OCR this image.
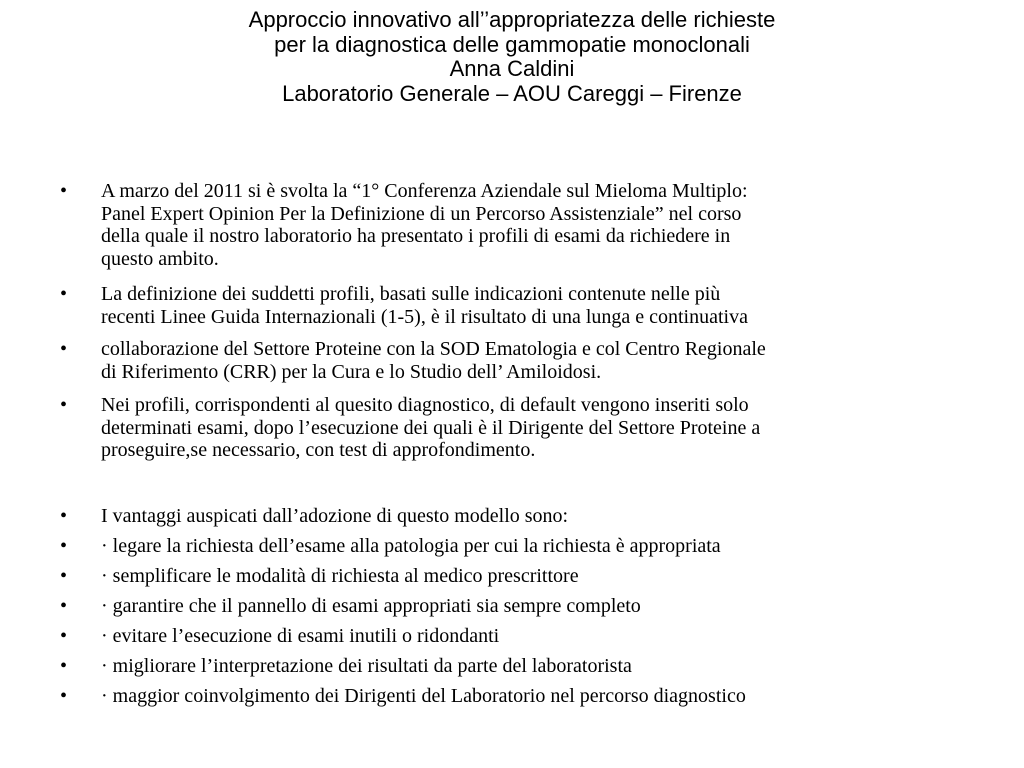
Approccio innovativo all’’appropriatezza delle richieste
per la diagnostica delle gammopatie monoclonali
Anna Caldini
Laboratorio Generale – AOU Careggi – Firenze
• A marzo del 2011 si è svolta la “1° Conferenza Aziendale sul Mieloma Multiplo:
Panel Expert Opinion Per la Definizione di un Percorso Assistenziale” nel corso
della quale il nostro laboratorio ha presentato i profili di esami da richiedere in
questo ambito.
• La definizione dei suddetti profili, basati sulle indicazioni contenute nelle più
recenti Linee Guida Internazionali (1-5), è il risultato di una lunga e continuativa
• collaborazione del Settore Proteine con la SOD Ematologia e col Centro Regionale
di Riferimento (CRR) per la Cura e lo Studio dell’ Amiloidosi.
• Nei profili, corrispondenti al quesito diagnostico, di default vengono inseriti solo
determinati esami, dopo l’esecuzione dei quali è il Dirigente del Settore Proteine a
proseguire,se necessario, con test di approfondimento.
• I vantaggi auspicati dall’adozione di questo modello sono:
• · legare la richiesta dell’esame alla patologia per cui la richiesta è appropriata
• · semplificare le modalità di richiesta al medico prescrittore
• · garantire che il pannello di esami appropriati sia sempre completo
• · evitare l’esecuzione di esami inutili o ridondanti
• · migliorare l’interpretazione dei risultati da parte del laboratorista
• · maggior coinvolgimento dei Dirigenti del Laboratorio nel percorso diagnostico
